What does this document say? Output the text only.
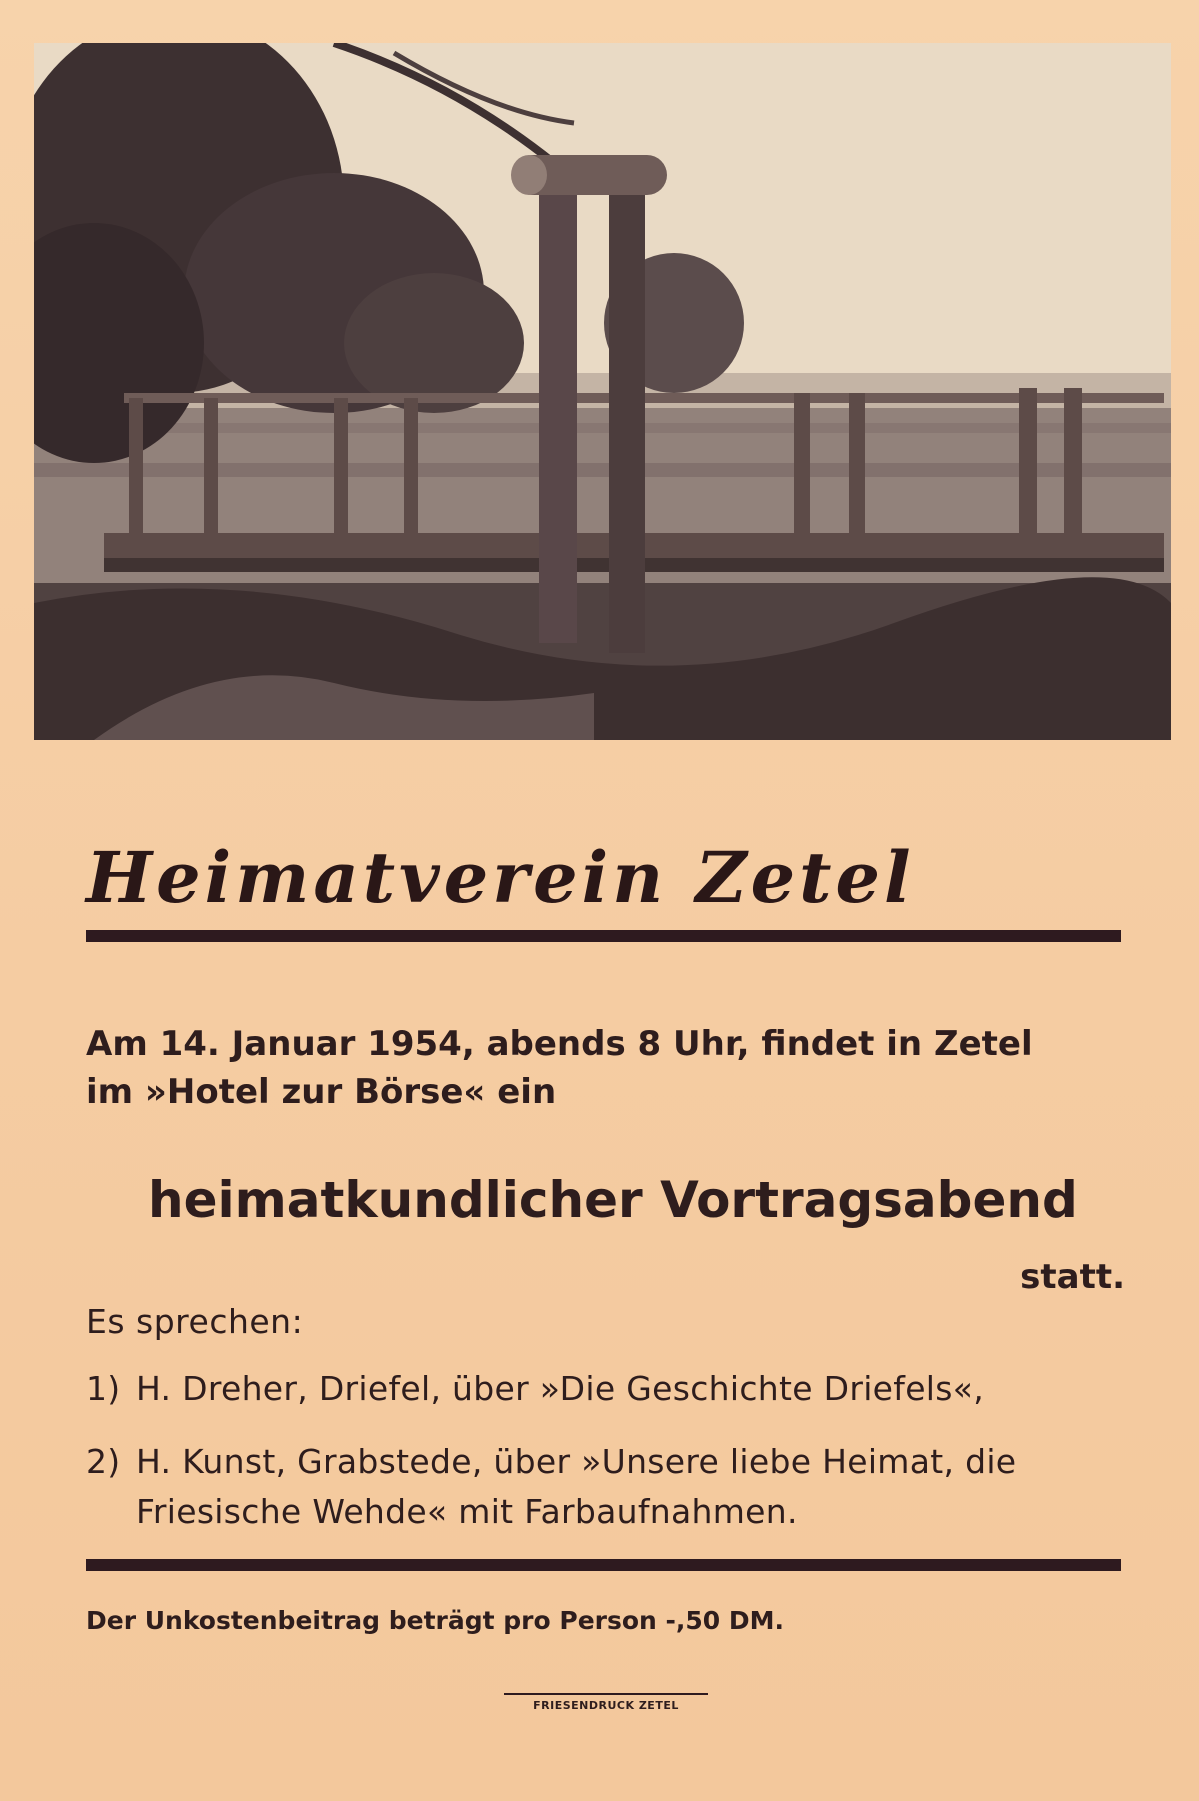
Heimatverein Zetel
Am 14. Januar 1954, abends 8 Uhr, findet in Zetel
im »Hotel zur Börse« ein
heimatkundlicher Vortragsabend
statt.
Es sprechen:
1) H. Dreher, Driefel, über »Die Geschichte Driefels«,
2) H. Kunst, Grabstede, über »Unsere liebe Heimat, die
Friesische Wehde« mit Farbaufnahmen.
Der Unkostenbeitrag beträgt pro Person -,50 DM.
FRIESENDRUCK ZETEL
